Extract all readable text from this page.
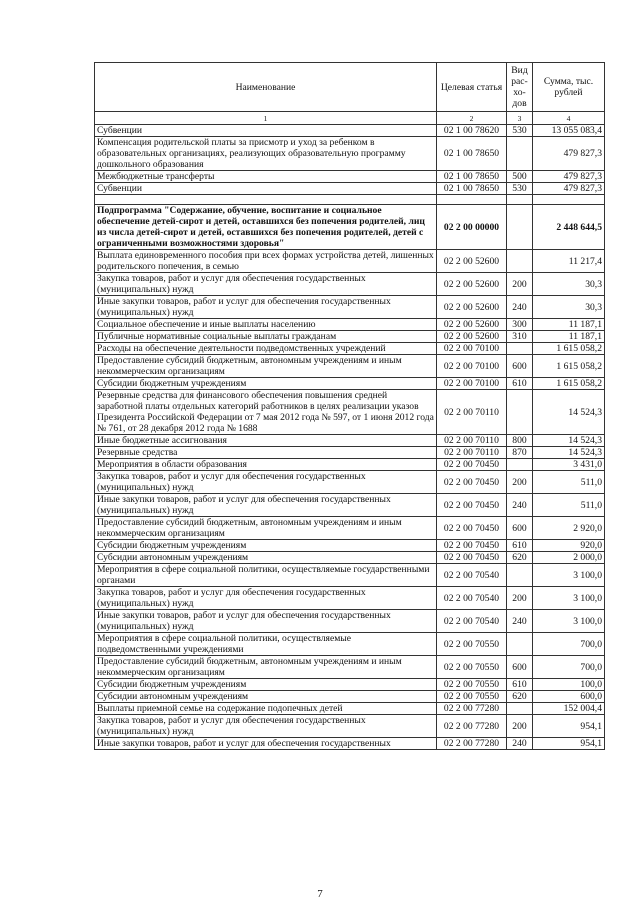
Наименование	Целевая статья	Вид рас- хо- дов	Сумма, тыс. рублей
1	2	3	4
Субвенции	02 1 00 78620	530	13 055 083,4
Компенсация родительской платы за присмотр и уход за ребенком в образовательных организациях, реализующих образовательную программу дошкольного образования	02 1 00 78650		479 827,3
Межбюджетные трансферты	02 1 00 78650	500	479 827,3
Субвенции	02 1 00 78650	530	479 827,3

Подпрограмма "Содержание, обучение, воспитание и социальное обеспечение детей-сирот и детей, оставшихся без попечения родителей, лиц из числа детей-сирот и детей, оставшихся без попечения родителей, детей с ограниченными возможностями здоровья"	02 2 00 00000		2 448 644,5
Выплата единовременного пособия при всех формах устройства детей, лишенных родительского попечения, в семью	02 2 00 52600		11 217,4
Закупка товаров, работ и услуг для обеспечения государственных (муниципальных) нужд	02 2 00 52600	200	30,3
Иные закупки товаров, работ и услуг для обеспечения государственных (муниципальных) нужд	02 2 00 52600	240	30,3
Социальное обеспечение и иные выплаты населению	02 2 00 52600	300	11 187,1
Публичные нормативные социальные выплаты гражданам	02 2 00 52600	310	11 187,1
Расходы на обеспечение деятельности подведомственных учреждений	02 2 00 70100		1 615 058,2
Предоставление субсидий бюджетным, автономным учреждениям и иным некоммерческим организациям	02 2 00 70100	600	1 615 058,2
Субсидии бюджетным учреждениям	02 2 00 70100	610	1 615 058,2
Резервные средства для финансового обеспечения повышения средней заработной платы отдельных категорий работников в целях реализации указов Президента Российской Федерации от 7 мая 2012 года № 597, от 1 июня 2012 года № 761, от 28 декабря 2012 года № 1688	02 2 00 70110		14 524,3
Иные бюджетные ассигнования	02 2 00 70110	800	14 524,3
Резервные средства	02 2 00 70110	870	14 524,3
Мероприятия в области образования	02 2 00 70450		3 431,0
Закупка товаров, работ и услуг для обеспечения государственных (муниципальных) нужд	02 2 00 70450	200	511,0
Иные закупки товаров, работ и услуг для обеспечения государственных (муниципальных) нужд	02 2 00 70450	240	511,0
Предоставление субсидий бюджетным, автономным учреждениям и иным некоммерческим организациям	02 2 00 70450	600	2 920,0
Субсидии бюджетным учреждениям	02 2 00 70450	610	920,0
Субсидии автономным учреждениям	02 2 00 70450	620	2 000,0
Мероприятия в сфере социальной политики, осуществляемые государственными органами	02 2 00 70540		3 100,0
Закупка товаров, работ и услуг для обеспечения государственных (муниципальных) нужд	02 2 00 70540	200	3 100,0
Иные закупки товаров, работ и услуг для обеспечения государственных (муниципальных) нужд	02 2 00 70540	240	3 100,0
Мероприятия в сфере социальной политики, осуществляемые подведомственными учреждениями	02 2 00 70550		700,0
Предоставление субсидий бюджетным, автономным учреждениям и иным некоммерческим организациям	02 2 00 70550	600	700,0
Субсидии бюджетным учреждениям	02 2 00 70550	610	100,0
Субсидии автономным учреждениям	02 2 00 70550	620	600,0
Выплаты приемной семье на содержание подопечных детей	02 2 00 77280		152 004,4
Закупка товаров, работ и услуг для обеспечения государственных (муниципальных) нужд	02 2 00 77280	200	954,1
Иные закупки товаров, работ и услуг для обеспечения государственных	02 2 00 77280	240	954,1
7
